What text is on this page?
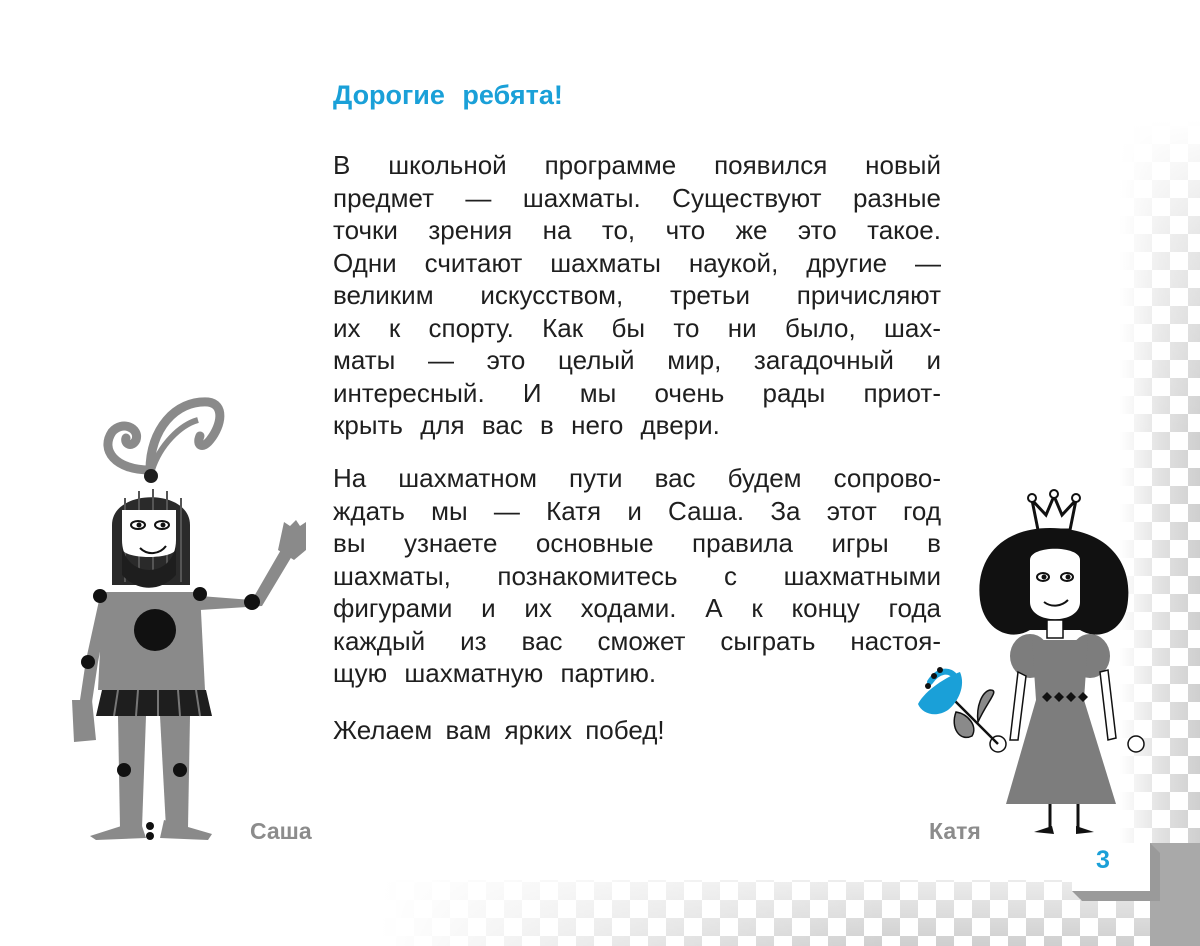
Дорогие ребята!
В школьной программе появился новый
предмет — шахматы. Существуют разные
точки зрения на то, что же это такое.
Одни считают шахматы наукой, другие —
великим искусством, третьи причисляют
их к спорту. Как бы то ни было, шах-
маты — это целый мир, загадочный и
интересный. И мы очень рады приот-
крыть для вас в него двери.
На шахматном пути вас будем сопрово-
ждать мы — Катя и Саша. За этот год
вы узнаете основные правила игры в
шахматы, познакомитесь с шахматными
фигурами и их ходами. А к концу года
каждый из вас сможет сыграть настоя-
щую шахматную партию.
Желаем вам ярких побед!
Саша	Катя
3
